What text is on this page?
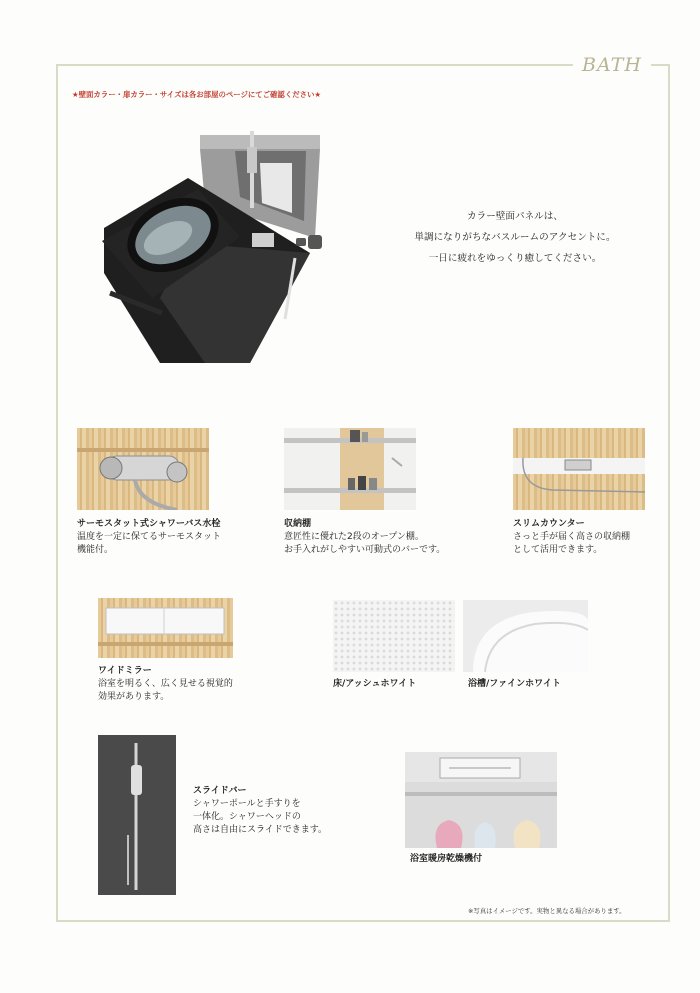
BATH
★壁面カラー・扉カラー・サイズは各お部屋のページにてご確認ください★
カラー壁面パネルは、
単調になりがちなバスルームのアクセントに。
一日に疲れをゆっくり癒してください。
サーモスタット式シャワーバス水栓
温度を一定に保てるサーモスタット
機能付。
収納棚
意匠性に優れた2段のオープン棚。
お手入れがしやすい可動式のバーです。
スリムカウンター
さっと手が届く高さの収納棚
として活用できます。
ワイドミラー
浴室を明るく、広く見せる視覚的
効果があります。
床/アッシュホワイト	浴槽/ファインホワイト
スライドバー
シャワーポールと手すりを
一体化。シャワーヘッドの
高さは自由にスライドできます。
浴室暖房乾燥機付
※写真はイメージです。実物と異なる場合があります。
